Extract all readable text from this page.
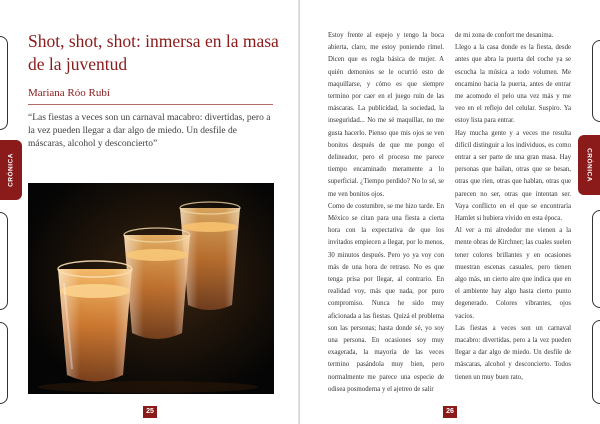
Shot, shot, shot: inmersa en la masa de la juventud
Mariana Róo Rubí

“Las fiestas a veces son un carnaval macabro: divertidas, pero a la vez pueden llegar a dar algo de miedo. Un desfile de máscaras, alcohol y desconcierto”

CRÓNICA
25
CRÓNICA
26

Estoy frente al espejo y tengo la boca abierta, claro, me estoy poniendo rímel. Dicen que es regla básica de mujer. A quién demonios se le ocurrió esto de maquillarse, y cómo es que siempre termino por caer en el juego ruin de las máscaras. La publicidad, la sociedad, la inseguridad... No me sé maquillar, no me gusta hacerlo. Pienso que mis ojos se ven bonitos después de que me pongo el delineador, pero el proceso me parece tiempo encaminado meramente a lo superficial. ¿Tiempo perdido? No lo sé, se me ven bonitos ojos.

Como de costumbre, se me hizo tarde. En México se citan para una fiesta a cierta hora con la expectativa de que los invitados empiecen a llegar, por lo menos, 30 minutos después. Pero yo ya voy con más de una hora de retraso. No es que tenga prisa por llegar, al contrario. En realidad voy, más que nada, por puro compromiso. Nunca he sido muy aficionada a las fiestas. Quizá el problema son las personas; hasta donde sé, yo soy una persona. En ocasiones soy muy exagerada, la mayoría de las veces termino pasándola muy bien, pero normalmente me parece una especie de odisea posmoderna y el ajetreo de salir

de mi zona de confort me desanima.

Llego a la casa donde es la fiesta, desde antes que abra la puerta del coche ya se escucha la música a todo volumen. Me encamino hacia la puerta, antes de entrar me acomodo el pelo una vez más y me veo en el reflejo del celular. Suspiro. Ya estoy lista para entrar.

Hay mucha gente y a veces me resulta difícil distinguir a los individuos, es como entrar a ser parte de una gran masa. Hay personas que bailan, otras que se besan, otras que ríen, otras que hablan, otras que parecen no ser, otras que intentan ser. Vaya conflicto en el que se encontraría Hamlet si hubiera vivido en esta época.

Al ver a mi alrededor me vienen a la mente obras de Kirchner; las cuales suelen tener colores brillantes y en ocasiones muestran escenas casuales, pero tienen algo más, un cierto aire que indica que en el ambiente hay algo hasta cierto punto degenerado. Colores vibrantes, ojos vacíos.

Las fiestas a veces son un carnaval macabro: divertidas, pero a la vez pueden llegar a dar algo de miedo. Un desfile de máscaras, alcohol y desconcierto. Todos tienen un muy buen rato,
